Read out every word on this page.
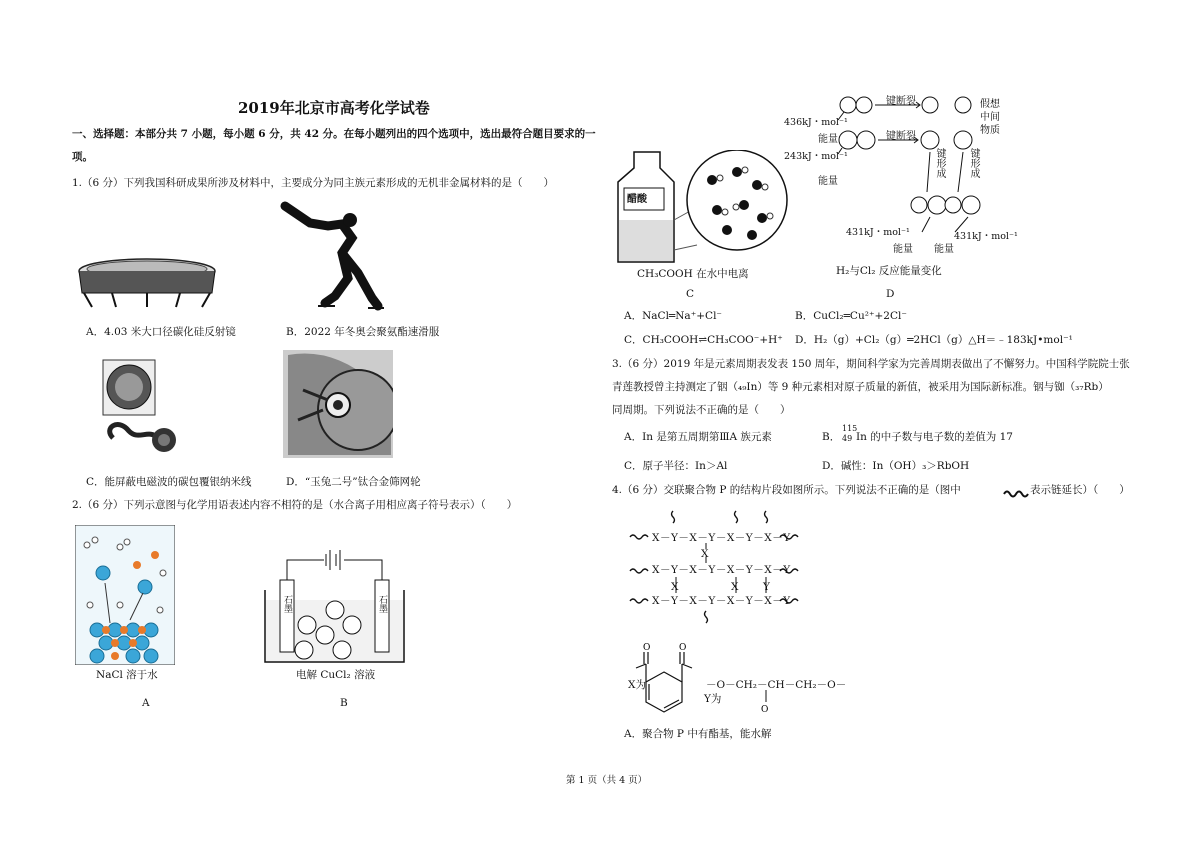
2019年北京市高考化学试卷
一、选择题：本部分共 7 小题，每小题 6 分，共 42 分。在每小题列出的四个选项中，选出最符合题目要求的一
项。
1.（6 分）下列我国科研成果所涉及材料中，主要成分为同主族元素形成的无机非金属材料的是（　　）
A．4.03 米大口径碳化硅反射镜	B．2022 年冬奥会聚氨酯速滑服
C．能屏蔽电磁波的碳包覆银纳米线	D．“玉兔二号”钛合金筛网轮
2.（6 分）下列示意图与化学用语表述内容不相符的是（水合离子用相应离子符号表示）（　　）
NaCl 溶于水
A
石墨	石墨
电解 CuCl₂ 溶液
B
醋酸
CH₃COOH 在水中电离
C
436kJ・mol⁻¹
243kJ・mol⁻¹
能量
能量
键断裂
键断裂
键形成 键形成
假想中间物质
431kJ・mol⁻¹	431kJ・mol⁻¹
能量 能量
H₂与Cl₂ 反应能量变化
D
A．NaCl═Na⁺+Cl⁻	B．CuCl₂═Cu²⁺+2Cl⁻
C．CH₃COOH⇌CH₃COO⁻+H⁺ D．H₂（g）+Cl₂（g）═2HCl（g）△H＝﹣183kJ•mol⁻¹
3.（6 分）2019 年是元素周期表发表 150 周年，期间科学家为完善周期表做出了不懈努力。中国科学院院士张
青莲教授曾主持测定了铟（₄₉In）等 9 种元素相对原子质量的新值，被采用为国际新标准。铟与铷（₃₇Rb）
同周期。下列说法不正确的是（　　）
A．In 是第五周期第ⅢA 族元素	B．
115
49 In 的中子数与电子数的差值为 17
C．原子半径：In＞Al	D．碱性：In（OH）₃＞RbOH
4.（6 分）交联聚合物 P 的结构片段如图所示。下列说法不正确的是（图中	表示链延长）（　　）
X－Y－X－Y－X－Y－X－Y
X
X－Y－X－Y－X－Y－X－Y
X	X Y
X－Y－X－Y－X－Y－X－Y
O	O
X为	－O－CH₂－CH－CH₂－O－
O
Y为
A．聚合物 P 中有酯基，能水解
第 1 页（共 4 页）
